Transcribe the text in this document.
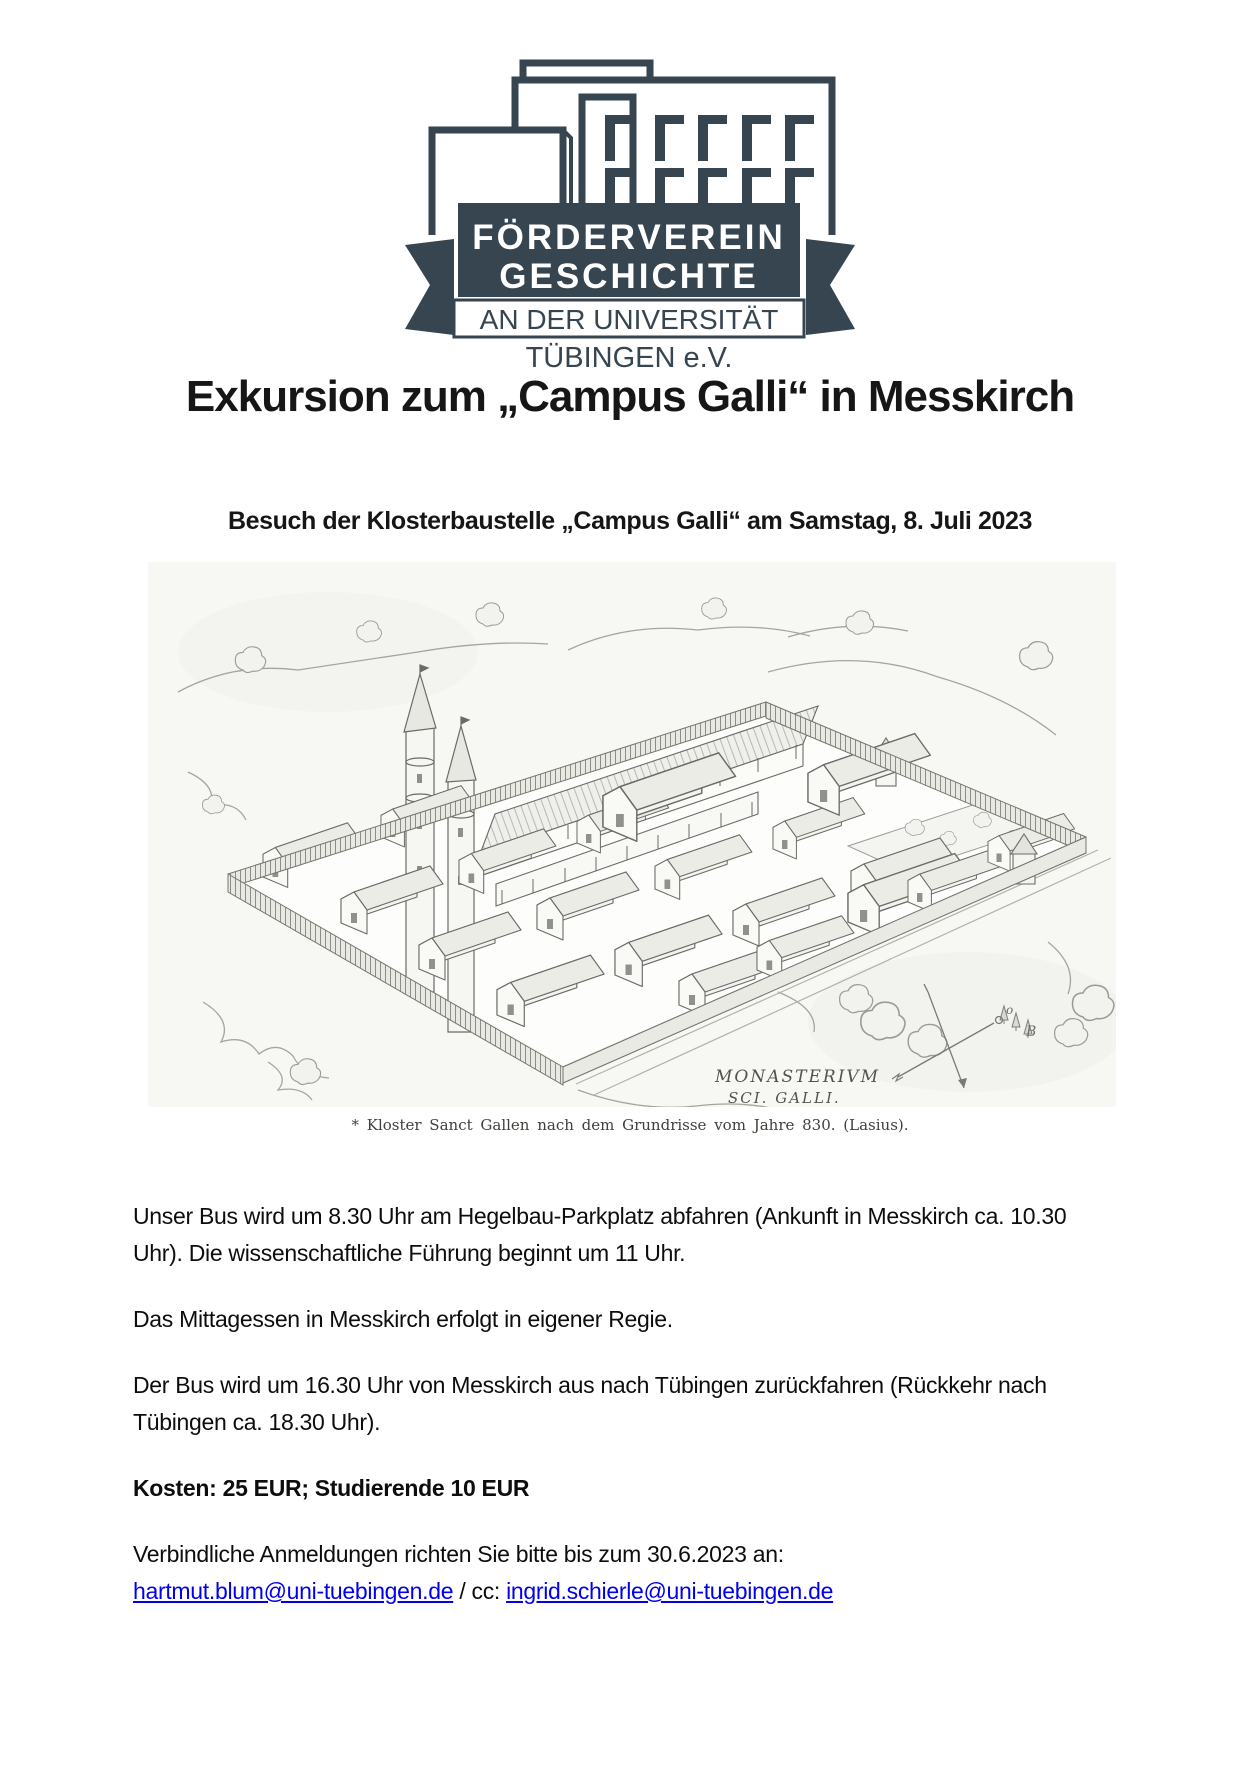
FÖRDERVEREIN
GESCHICHTE
AN DER UNIVERSITÄT
TÜBINGEN e.V.
Exkursion zum „Campus Galli“ in Messkirch
Besuch der Klosterbaustelle „Campus Galli“ am Samstag, 8. Juli 2023
o
B
MONASTERIVM
SCI. GALLI.
* Kloster Sanct Gallen nach dem Grundrisse vom Jahre 830. (Lasius).

Unser Bus wird um 8.30 Uhr am Hegelbau-Parkplatz abfahren (Ankunft in Messkirch ca. 10.30
Uhr). Die wissenschaftliche Führung beginnt um 11 Uhr.

Das Mittagessen in Messkirch erfolgt in eigener Regie.

Der Bus wird um 16.30 Uhr von Messkirch aus nach Tübingen zurückfahren (Rückkehr nach
Tübingen ca. 18.30 Uhr).

Kosten: 25 EUR; Studierende 10 EUR

Verbindliche Anmeldungen richten Sie bitte bis zum 30.6.2023 an:
hartmut.blum@uni-tuebingen.de / cc: ingrid.schierle@uni-tuebingen.de
